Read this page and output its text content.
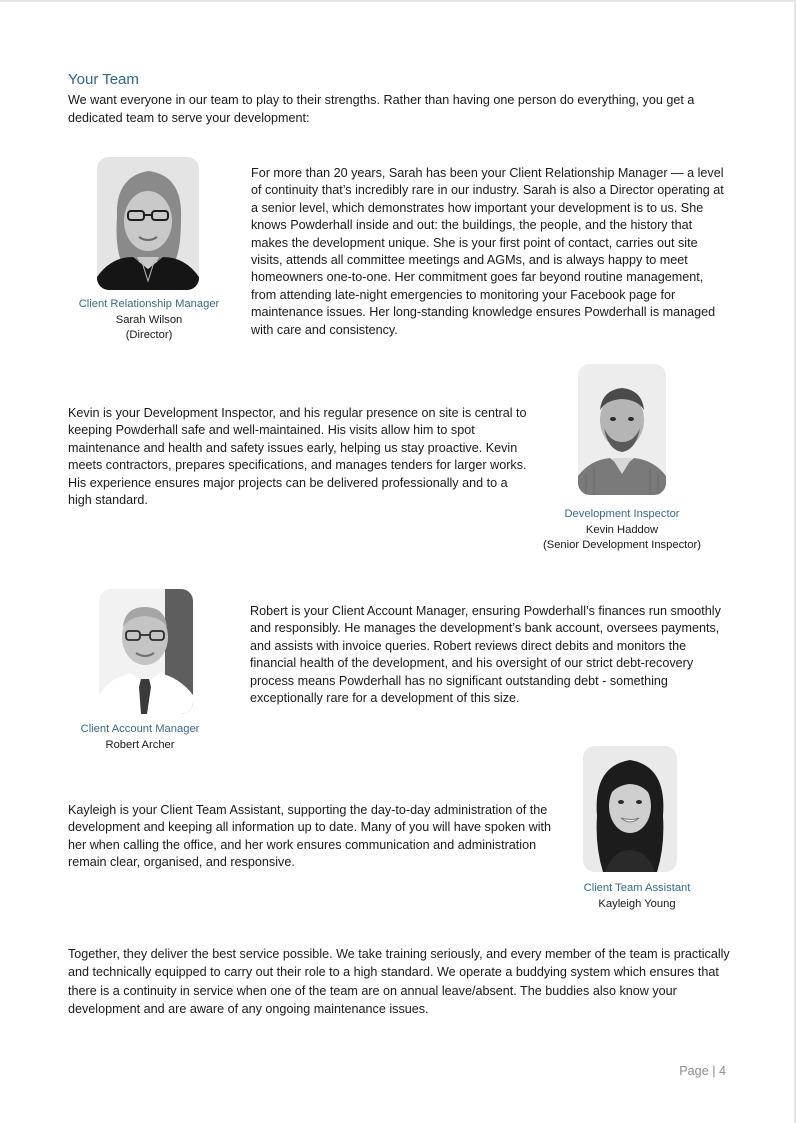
Your Team
We want everyone in our team to play to their strengths. Rather than having one person do everything, you get a dedicated team to serve your development:
Client Relationship Manager
Sarah Wilson
(Director)
For more than 20 years, Sarah has been your Client Relationship Manager — a level of continuity that’s incredibly rare in our industry. Sarah is also a Director operating at a senior level, which demonstrates how important your development is to us. She knows Powderhall inside and out: the buildings, the people, and the history that makes the development unique. She is your first point of contact, carries out site visits, attends all committee meetings and AGMs, and is always happy to meet homeowners one-to-one. Her commitment goes far beyond routine management, from attending late-night emergencies to monitoring your Facebook page for maintenance issues. Her long-standing knowledge ensures Powderhall is managed with care and consistency.
Kevin is your Development Inspector, and his regular presence on site is central to keeping Powderhall safe and well-maintained. His visits allow him to spot maintenance and health and safety issues early, helping us stay proactive. Kevin meets contractors, prepares specifications, and manages tenders for larger works. His experience ensures major projects can be delivered professionally and to a high standard.
Development Inspector
Kevin Haddow
(Senior Development Inspector)
Client Account Manager
Robert Archer
Robert is your Client Account Manager, ensuring Powderhall’s finances run smoothly and responsibly. He manages the development’s bank account, oversees payments, and assists with invoice queries. Robert reviews direct debits and monitors the financial health of the development, and his oversight of our strict debt-recovery process means Powderhall has no significant outstanding debt - something exceptionally rare for a development of this size.
Kayleigh is your Client Team Assistant, supporting the day-to-day administration of the development and keeping all information up to date. Many of you will have spoken with her when calling the office, and her work ensures communication and administration remain clear, organised, and responsive.
Client Team Assistant
Kayleigh Young
Together, they deliver the best service possible. We take training seriously, and every member of the team is practically and technically equipped to carry out their role to a high standard. We operate a buddying system which ensures that there is a continuity in service when one of the team are on annual leave/absent. The buddies also know your development and are aware of any ongoing maintenance issues.
Page | 4
